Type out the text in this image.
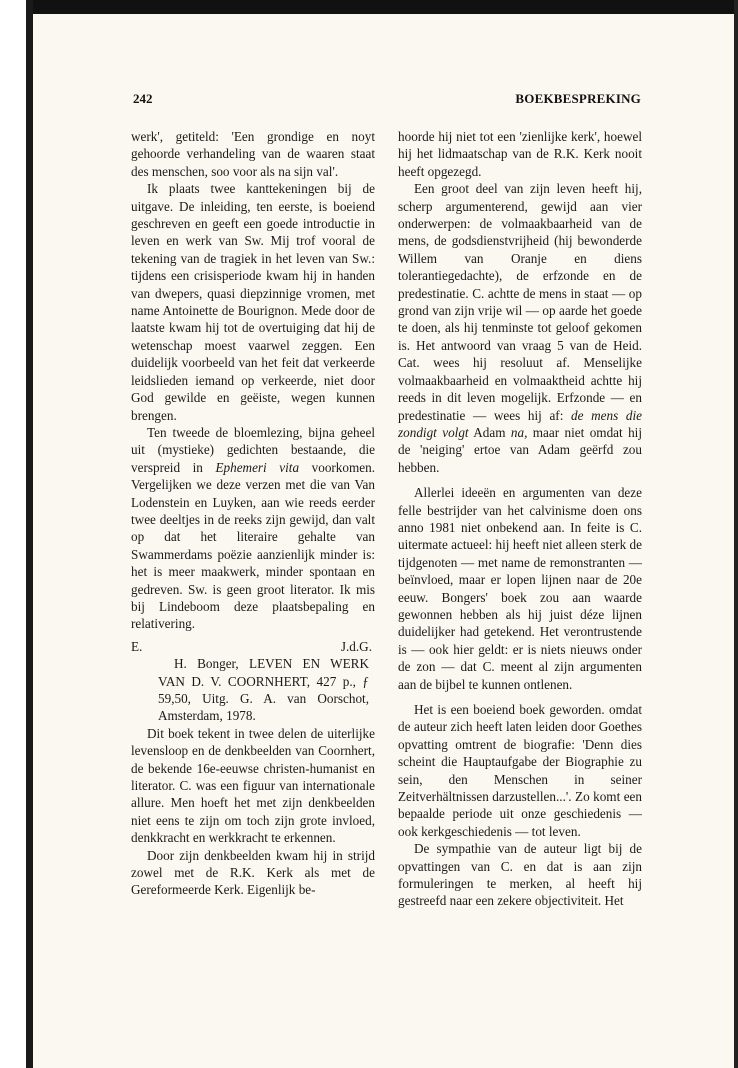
242	BOEKBESPREKING

werk', getiteld: 'Een grondige en noyt gehoorde verhandeling van de waaren staat des menschen, soo voor als na sijn val'.

Ik plaats twee kanttekeningen bij de uitgave. De inleiding, ten eerste, is boeiend geschreven en geeft een goede introductie in leven en werk van Sw. Mij trof vooral de tekening van de tragiek in het leven van Sw.: tijdens een crisisperiode kwam hij in handen van dwepers, quasi diepzinnige vromen, met name Antoinette de Bourignon. Mede door de laatste kwam hij tot de overtuiging dat hij de wetenschap moest vaarwel zeggen. Een duidelijk voorbeeld van het feit dat verkeerde leidslieden iemand op verkeerde, niet door God gewilde en geëiste, wegen kunnen brengen.

Ten tweede de bloemlezing, bijna geheel uit (mystieke) gedichten bestaande, die verspreid in Ephemeri vita voorkomen. Vergelijken we deze verzen met die van Van Lodenstein en Luyken, aan wie reeds eerder twee deeltjes in de reeks zijn gewijd, dan valt op dat het literaire gehalte van Swammerdams poëzie aanzienlijk minder is: het is meer maakwerk, minder spontaan en gedreven. Sw. is geen groot literator. Ik mis bij Lindeboom deze plaatsbepaling en relativering.

E.	J.d.G.

H. Bonger, LEVEN EN WERK VAN D. V. COORNHERT, 427 p., ƒ 59,50, Uitg. G. A. van Oorschot, Amsterdam, 1978.

Dit boek tekent in twee delen de uiterlijke levensloop en de denkbeelden van Coornhert, de bekende 16e-eeuwse christen-humanist en literator. C. was een figuur van internationale allure. Men hoeft het met zijn denkbeelden niet eens te zijn om toch zijn grote invloed, denkkracht en werkkracht te erkennen.

Door zijn denkbeelden kwam hij in strijd zowel met de R.K. Kerk als met de Gereformeerde Kerk. Eigenlijk be-

hoorde hij niet tot een 'zienlijke kerk', hoewel hij het lidmaatschap van de R.K. Kerk nooit heeft opgezegd.

Een groot deel van zijn leven heeft hij, scherp argumenterend, gewijd aan vier onderwerpen: de volmaakbaarheid van de mens, de godsdienstvrijheid (hij bewonderde Willem van Oranje en diens tolerantiegedachte), de erfzonde en de predestinatie. C. achtte de mens in staat — op grond van zijn vrije wil — op aarde het goede te doen, als hij tenminste tot geloof gekomen is. Het antwoord van vraag 5 van de Heid. Cat. wees hij resoluut af. Menselijke volmaakbaarheid en volmaaktheid achtte hij reeds in dit leven mogelijk. Erfzonde — en predestinatie — wees hij af: de mens die zondigt volgt Adam na, maar niet omdat hij de 'neiging' ertoe van Adam geërfd zou hebben.

Allerlei ideeën en argumenten van deze felle bestrijder van het calvinisme doen ons anno 1981 niet onbekend aan. In feite is C. uitermate actueel: hij heeft niet alleen sterk de tijdgenoten — met name de remonstranten — beïnvloed, maar er lopen lijnen naar de 20e eeuw. Bongers' boek zou aan waarde gewonnen hebben als hij juist déze lijnen duidelijker had getekend. Het verontrustende is — ook hier geldt: er is niets nieuws onder de zon — dat C. meent al zijn argumenten aan de bijbel te kunnen ontlenen.

Het is een boeiend boek geworden. omdat de auteur zich heeft laten leiden door Goethes opvatting omtrent de biografie: 'Denn dies scheint die Hauptaufgabe der Biographie zu sein, den Menschen in seiner Zeitverhältnissen darzustellen...'. Zo komt een bepaalde periode uit onze geschiedenis — ook kerkgeschiedenis — tot leven.

De sympathie van de auteur ligt bij de opvattingen van C. en dat is aan zijn formuleringen te merken, al heeft hij gestreefd naar een zekere objectiviteit. Het
